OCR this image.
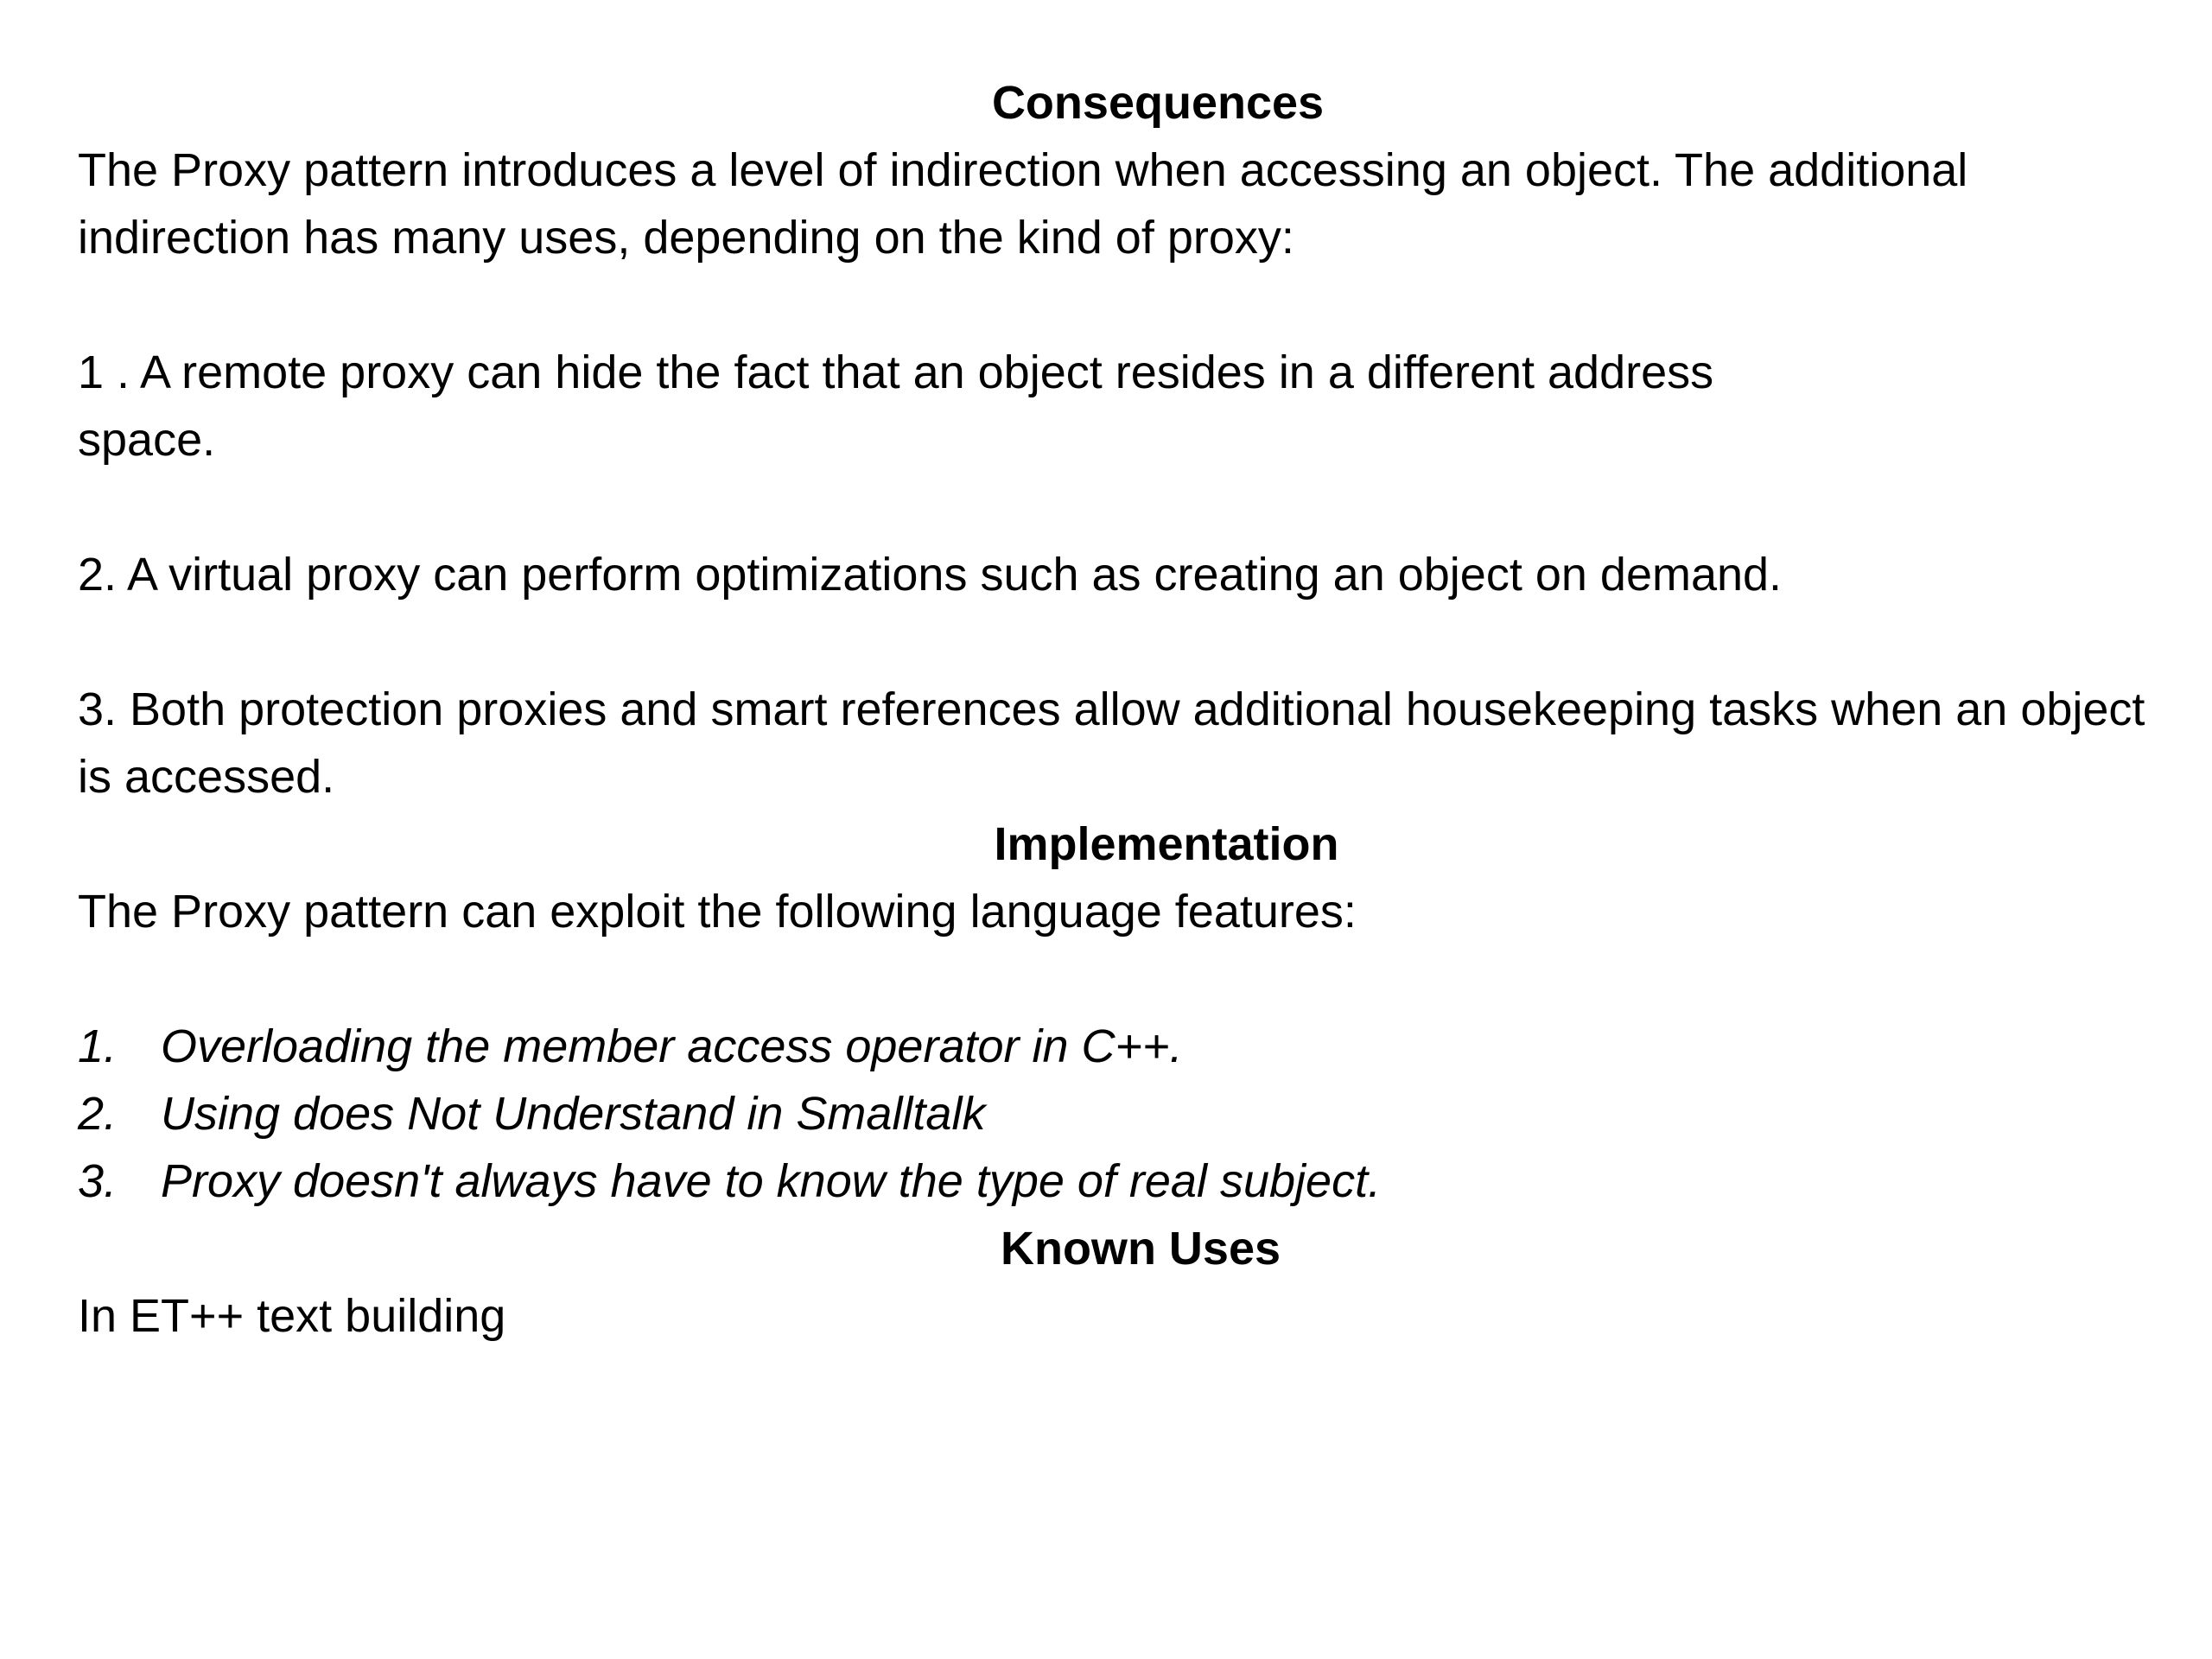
Consequences

The Proxy pattern introduces a level of indirection when accessing an object. The additional indirection has many uses, depending on the kind of proxy:

1 . A remote proxy can hide the fact that an object resides in a different address

space.

2. A virtual proxy can perform optimizations such as creating an object on demand.

3. Both protection proxies and smart references allow additional housekeeping tasks when an object is accessed.

Implementation

The Proxy pattern can exploit the following language features:

1. Overloading the member access operator in C++.
2. Using does Not Understand in Smalltalk
3. Proxy doesn't always have to know the type of real subject.
Known Uses

In ET++ text building
